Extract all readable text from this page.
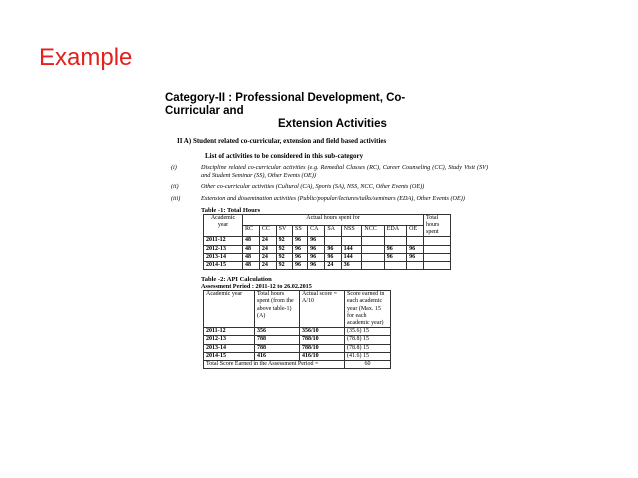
Example
Category-II : Professional Development, Co-
Curricular and
Extension Activities
II A) Student related co-curricular, extension and field based activities
List of activities to be considered in this sub-category
(i)	Discipline related co-curricular activities (e.g. Remedial Classes (RC), Career Counseling (CC), Study Visit (SV) and Student Seminar (SS), Other Events (OE))
(ii)	Other co-curricular activities (Cultural (CA), Sports (SA), NSS, NCC, Other Events (OE))
(iii)	Extension and dissemination activities (Public/popular/lectures/talks/seminars (EDA), Other Events (OE))
Table -1: Total Hours
Academic year	Actual hours spent for										Total hours spent
	RC	CC	SV	SS	CA	SA	NSS	NCC	EDA	OE	
2011-12	48	24	92	96	96						
2012-13	48	24	92	96	96	96	144		96	96	
2013-14	48	24	92	96	96	96	144		96	96	
2014-15	48	24	92	96	96	24	36				
Table -2: API Calculation
Assessment Period : 2011-12 to 26.02.2015
Academic year	Total hours spent (from the above table-1) (A)	Actual score = A/10	Score earned in each academic year (Max. 15 for each academic year)
2011-12	356	356/10	(35.6) 15
2012-13	788	788/10	(78.8) 15
2013-14	788	788/10	(78.8) 15
2014-15	416	416/10	(41.6) 15
Total Score Earned in the Assessment Period =			60
